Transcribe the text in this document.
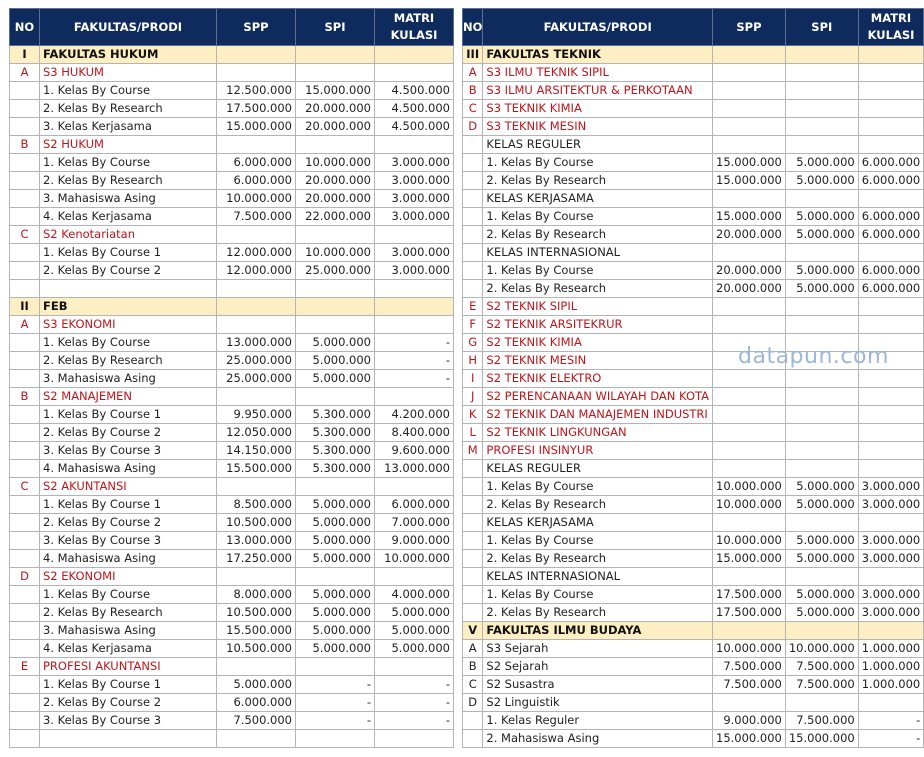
NO	FAKULTAS/PRODI	SPP	SPI	MATRI
KULASI
I	FAKULTAS HUKUM			
A	S3 HUKUM			
	1. Kelas By Course	12.500.000	15.000.000	4.500.000
	2. Kelas By Research	17.500.000	20.000.000	4.500.000
	3. Kelas Kerjasama	15.000.000	20.000.000	4.500.000
B	S2 HUKUM			
	1. Kelas By Course	6.000.000	10.000.000	3.000.000
	2. Kelas By Research	6.000.000	20.000.000	3.000.000
	3. Mahasiswa Asing	10.000.000	20.000.000	3.000.000
	4. Kelas Kerjasama	7.500.000	22.000.000	3.000.000
C	S2 Kenotariatan			
	1. Kelas By Course 1	12.000.000	10.000.000	3.000.000
	2. Kelas By Course 2	12.000.000	25.000.000	3.000.000

II	FEB			
A	S3 EKONOMI			
	1. Kelas By Course	13.000.000	5.000.000	-
	2. Kelas By Research	25.000.000	5.000.000	-
	3. Mahasiswa Asing	25.000.000	5.000.000	-
B	S2 MANAJEMEN			
	1. Kelas By Course 1	9.950.000	5.300.000	4.200.000
	2. Kelas By Course 2	12.050.000	5.300.000	8.400.000
	3. Kelas By Course 3	14.150.000	5.300.000	9.600.000
	4. Mahasiswa Asing	15.500.000	5.300.000	13.000.000
C	S2 AKUNTANSI			
	1. Kelas By Course 1	8.500.000	5.000.000	6.000.000
	2. Kelas By Course 2	10.500.000	5.000.000	7.000.000
	3. Kelas By Course 3	13.000.000	5.000.000	9.000.000
	4. Mahasiswa Asing	17.250.000	5.000.000	10.000.000
D	S2 EKONOMI			
	1. Kelas By Course	8.000.000	5.000.000	4.000.000
	2. Kelas By Research	10.500.000	5.000.000	5.000.000
	3. Mahasiswa Asing	15.500.000	5.000.000	5.000.000
	4. Kelas Kerjasama	10.500.000	5.000.000	5.000.000
E	PROFESI AKUNTANSI			
	1. Kelas By Course 1	5.000.000	-	-
	2. Kelas By Course 2	6.000.000	-	-
	3. Kelas By Course 3	7.500.000	-	-

NO	FAKULTAS/PRODI	SPP	SPI	MATRI
KULASI
III	FAKULTAS TEKNIK			
A	S3 ILMU TEKNIK SIPIL			
B	S3 ILMU ARSITEKTUR & PERKOTAAN			
C	S3 TEKNIK KIMIA			
D	S3 TEKNIK MESIN			
	KELAS REGULER			
	1. Kelas By Course	15.000.000	5.000.000	6.000.000
	2. Kelas By Research	15.000.000	5.000.000	6.000.000
	KELAS KERJASAMA			
	1. Kelas By Course	15.000.000	5.000.000	6.000.000
	2. Kelas By Research	20.000.000	5.000.000	6.000.000
	KELAS INTERNASIONAL			
	1. Kelas By Course	20.000.000	5.000.000	6.000.000
	2. Kelas By Research	20.000.000	5.000.000	6.000.000
E	S2 TEKNIK SIPIL			
F	S2 TEKNIK ARSITEKRUR			
G	S2 TEKNIK KIMIA			
H	S2 TEKNIK MESIN			
I	S2 TEKNIK ELEKTRO			
J	S2 PERENCANAAN WILAYAH DAN KOTA			
K	S2 TEKNIK DAN MANAJEMEN INDUSTRI			
L	S2 TEKNIK LINGKUNGAN			
M	PROFESI INSINYUR			
	KELAS REGULER			
	1. Kelas By Course	10.000.000	5.000.000	3.000.000
	2. Kelas By Research	10.000.000	5.000.000	3.000.000
	KELAS KERJASAMA			
	1. Kelas By Course	10.000.000	5.000.000	3.000.000
	2. Kelas By Research	15.000.000	5.000.000	3.000.000
	KELAS INTERNASIONAL			
	1. Kelas By Course	17.500.000	5.000.000	3.000.000
	2. Kelas By Research	17.500.000	5.000.000	3.000.000
V	FAKULTAS ILMU BUDAYA			
A	S3 Sejarah	10.000.000	10.000.000	1.000.000
B	S2 Sejarah	7.500.000	7.500.000	1.000.000
C	S2 Susastra	7.500.000	7.500.000	1.000.000
D	S2 Linguistik			
	1. Kelas Reguler	9.000.000	7.500.000	-
	2. Mahasiswa Asing	15.000.000	15.000.000	-
datapun.com
